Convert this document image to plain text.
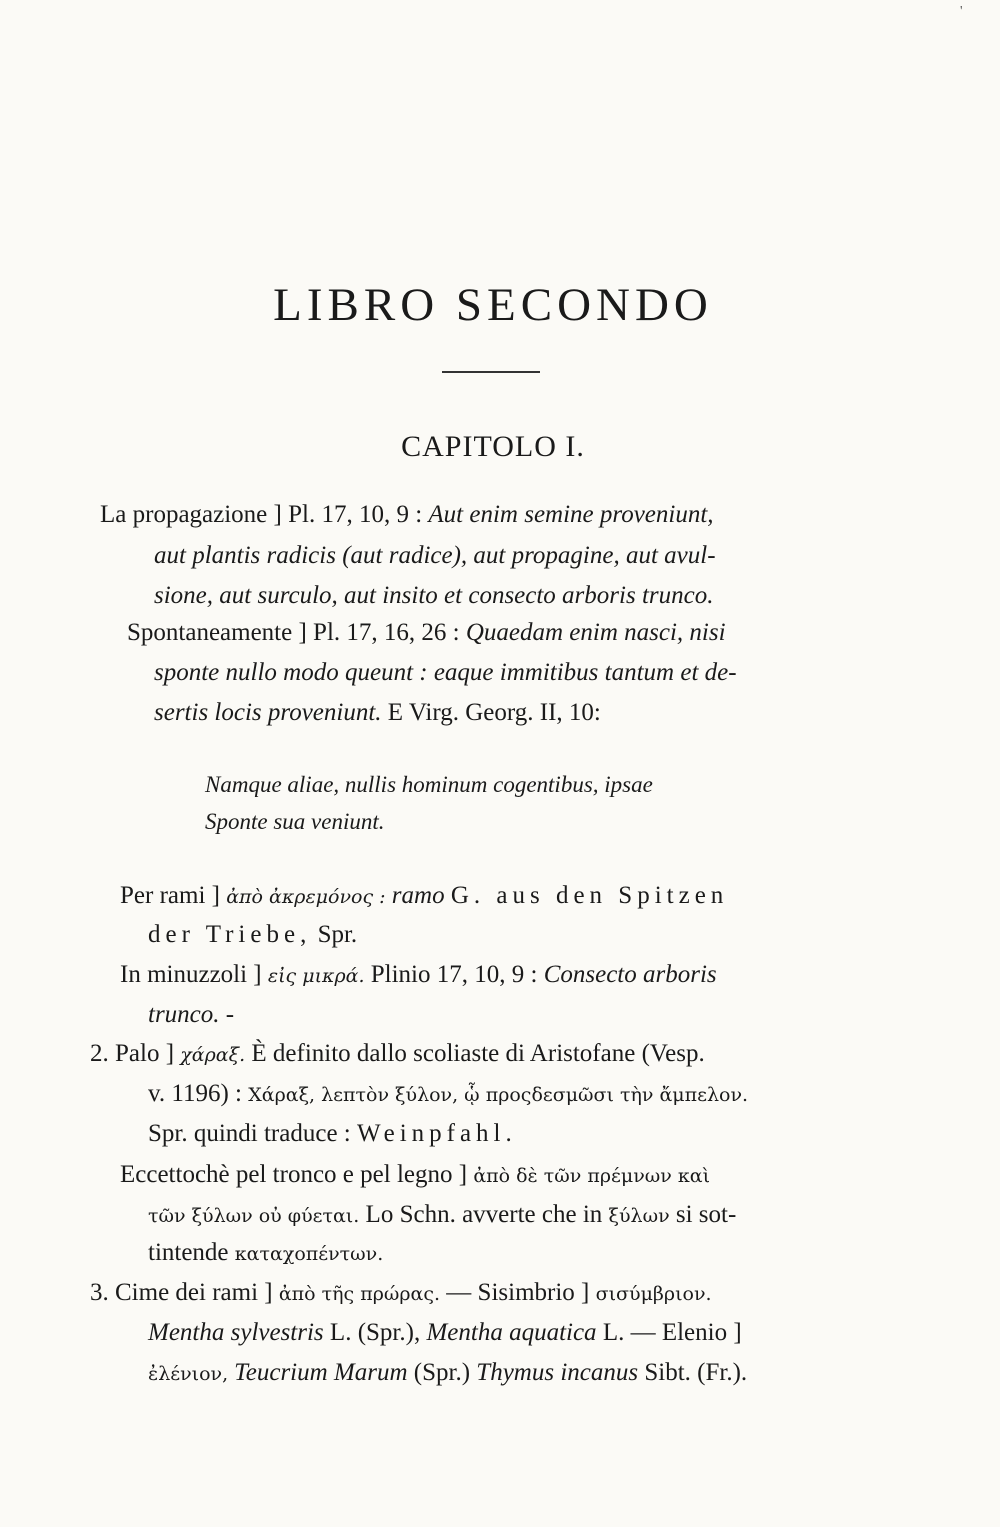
'
LIBRO SECONDO
CAPITOLO I.
La propagazione ] Pl. 17, 10, 9 : Aut enim semine proveniunt,
aut plantis radicis (aut radice), aut propagine, aut avul-
sione, aut surculo, aut insito et consecto arboris trunco.
Spontaneamente ] Pl. 17, 16, 26 : Quaedam enim nasci, nisi
sponte nullo modo queunt : eaque immitibus tantum et de-
sertis locis proveniunt. E Virg. Georg. II, 10:
Namque aliae, nullis hominum cogentibus, ipsae
Sponte sua veniunt.
Per rami ] ἀπὸ ἀκρεμόνος : ramo G. aus den Spitzen
der Triebe, Spr.
In minuzzoli ] εἰς μικρά. Plinio 17, 10, 9 : Consecto arboris
trunco. -
2. Palo ] χάραξ. È definito dallo scoliaste di Aristofane (Vesp.
v. 1196) : Χάραξ, λεπτὸν ξύλον, ᾧ προςδεσμῶσι τὴν ἄμπελον.
Spr. quindi traduce : Weinpfahl.
Eccettochè pel tronco e pel legno ] ἀπὸ δὲ τῶν πρέμνων καὶ
τῶν ξύλων οὐ φύεται. Lo Schn. avverte che in ξύλων si sot-
tintende καταχοπέντων.
3. Cime dei rami ] ἀπὸ τῆς πρώρας. — Sisimbrio ] σισύμβριον.
Mentha sylvestris L. (Spr.), Mentha aquatica L. — Elenio ]
ἐλένιον, Teucrium Marum (Spr.) Thymus incanus Sibt. (Fr.).
